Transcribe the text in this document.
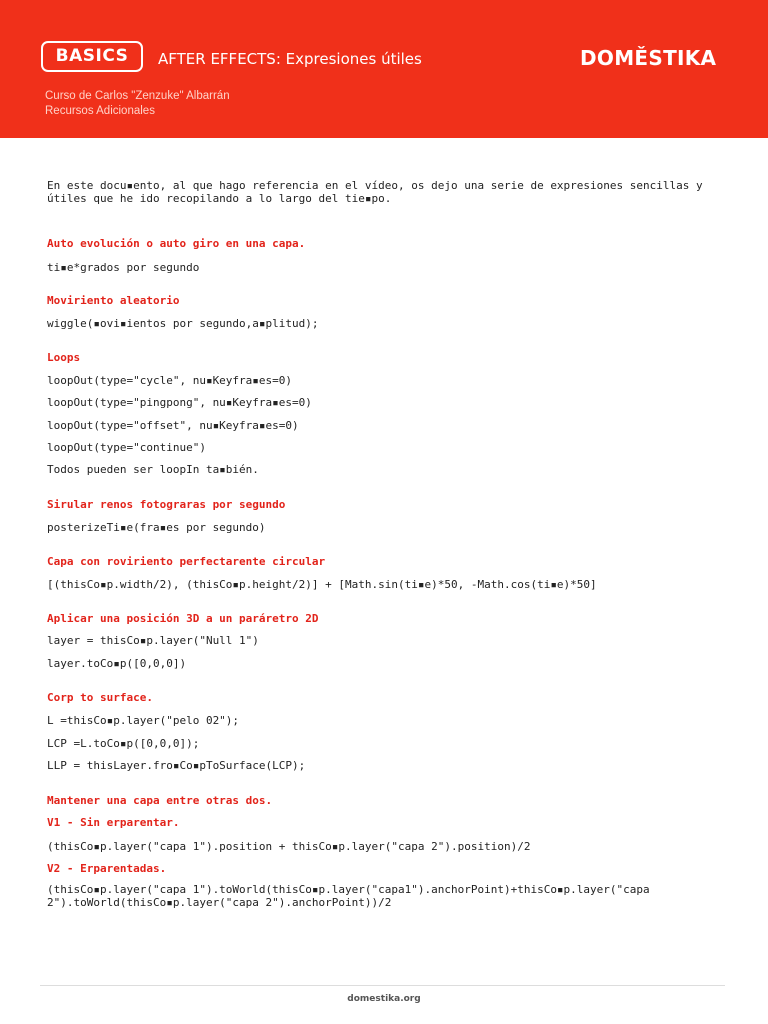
BASICS	AFTER EFFECTS: Expresiones útiles	DOMĚSTIKA
Curso de Carlos "Zenzuke" Albarrán
Recursos Adicionales

En este docu▪ento, al que hago referencia en el vídeo, os dejo una serie de expresiones sencillas y útiles que he ido recopilando a lo largo del tie▪po.

Auto evolución o auto giro en una capa.

ti▪e*grados por segundo

Moviriento aleatorio

wiggle(▪ovi▪ientos por segundo,a▪plitud);

Loops

loopOut(type="cycle", nu▪Keyfra▪es=0)

loopOut(type="pingpong", nu▪Keyfra▪es=0)

loopOut(type="offset", nu▪Keyfra▪es=0)

loopOut(type="continue")

Todos pueden ser loopIn ta▪bién.

Sirular renos fotograras por segundo

posterizeTi▪e(fra▪es por segundo)

Capa con roviriento perfectarente circular

[(thisCo▪p.width/2), (thisCo▪p.height/2)] + [Math.sin(ti▪e)*50, -Math.cos(ti▪e)*50]

Aplicar una posición 3D a un paráretro 2D

layer = thisCo▪p.layer("Null 1")

layer.toCo▪p([0,0,0])

Corp to surface.

L =thisCo▪p.layer("pelo 02");

LCP =L.toCo▪p([0,0,0]);

LLP = thisLayer.fro▪Co▪pToSurface(LCP);

Mantener una capa entre otras dos.

V1 - Sin erparentar.

(thisCo▪p.layer("capa 1").position + thisCo▪p.layer("capa 2").position)/2

V2 - Erparentadas.

(thisCo▪p.layer("capa 1").toWorld(thisCo▪p.layer("capa1").anchorPoint)+thisCo▪p.layer("capa 2").toWorld(thisCo▪p.layer("capa 2").anchorPoint))/2

domestika.org
